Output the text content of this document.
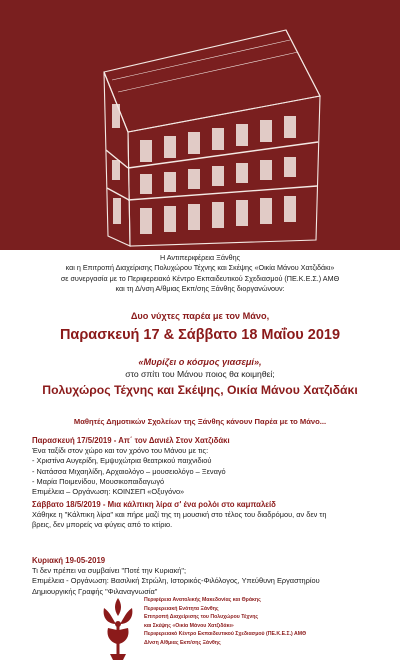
Η Αντιπεριφέρεια Ξάνθης
και η Επιτροπή Διαχείρισης Πολυχώρου Τέχνης και Σκέψης «Οικία Μάνου Χατζιδάκι»
σε συνεργασία με το Περιφερειακό Κέντρο Εκπαιδευτικού Σχεδιασμού (ΠΕ.Κ.Ε.Σ.) ΑΜΘ
και τη Δ/νση Α/θμιας Εκπ/σης Ξάνθης διοργανώνουν:
Δυο νύχτες παρέα με τον Μάνο,
Παρασκευή 17 & Σάββατο 18 Μαΐου 2019
«Μυρίζει ο κόσμος γιασεμί»,
στο σπίτι του Μάνου ποιος θα κοιμηθεί;
Πολυχώρος Τέχνης και Σκέψης, Οικία Μάνου Χατζιδάκι
Μαθητές Δημοτικών Σχολείων της Ξάνθης κάνουν Παρέα με το Μάνο...
Παρασκευή 17/5/2019 - Απ΄ τον Δανιέλ Στον Χατζιδάκι
Ένα ταξίδι στον χώρο και τον χρόνο του Μάνου με τις:
- Χριστίνα Αυγερίδη, Εμψυχώτρια θεατρικού παιχνιδιού
- Νατάσσα Μιχαηλίδη, Αρχαιολόγο – μουσειολόγο – Ξεναγό
- Μαρία Ποιμενίδου, Μουσικοπαιδαγωγό
Επιμέλεια – Οργάνωση: ΚΟΙΝΣΕΠ «Οξυγόνο»
Σάββατο 18/5/2019 - Μια κάλπικη λίρα σ' ένα ρολόι στο καμπαλείδ
Χάθηκε η "Κάλπικη λίρα" και πήρε μαζί της τη μουσική στο τέλος του διαδρόμου, αν δεν τη
βρεις, δεν μπορείς να φύγεις από το κτίριο.
Κυριακή 19-05-2019
Τι δεν πρέπει να συμβαίνει "Ποτέ την Κυριακή";
Επιμέλεια - Οργάνωση: Βασιλική Στρώλη, Ιστορικός-Φιλόλογος, Υπεύθυνη Εργαστηρίου
Δημιουργικής Γραφής "Φιλαναγνωσία"
Περιφέρεια Ανατολικής Μακεδονίας και Θράκης
Περιφερειακή Ενότητα Ξάνθης
Επιτροπή Διαχείρισης του Πολυχώρου Τέχνης
και Σκέψης «Οικία Μάνου Χατζιδάκι»
Περιφερειακό Κέντρο Εκπαιδευτικού Σχεδιασμού (ΠΕ.Κ.Ε.Σ.) ΑΜΘ
Δ/νση Α/θμιας Εκπ/σης Ξάνθης
